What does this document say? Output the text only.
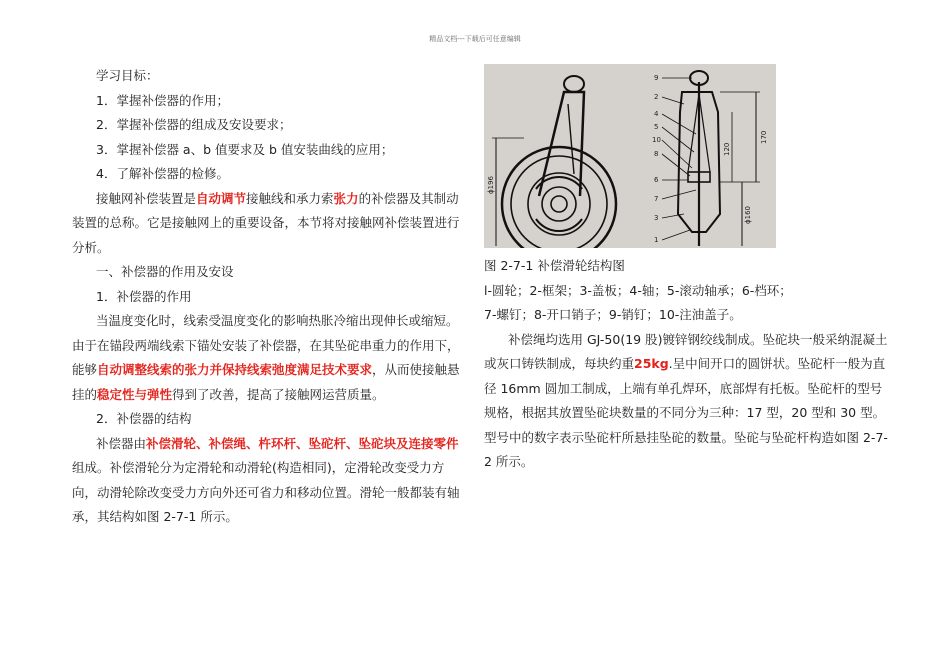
精品文档---下载后可任意编辑

学习目标：

1．掌握补偿器的作用；

2．掌握补偿器的组成及安设要求；

3．掌握补偿器 a、b 值要求及 b 值安装曲线的应用；

4．了解补偿器的检修。

接触网补偿装置是自动调节接触线和承力索张力的补偿器及其制动装置的总称。它是接触网上的重要设备，本节将对接触网补偿装置进行分析。

一、补偿器的作用及安设

1．补偿器的作用

当温度变化时，线索受温度变化的影响热胀冷缩出现伸长或缩短。由于在锚段两端线索下锚处安装了补偿器，在其坠砣串重力的作用下，能够自动调整线索的张力并保持线索弛度满足技术要求，从而使接触悬挂的稳定性与弹性得到了改善，提高了接触网运营质量。

2．补偿器的结构

补偿器由补偿滑轮、补偿绳、杵环杆、坠砣杆、坠砣块及连接零件组成。补偿滑轮分为定滑轮和动滑轮(构造相同)，定滑轮改变受力方向，动滑轮除改变受力方向外还可省力和移动位置。滑轮一般都装有轴承，其结构如图 2-7-1 所示。

9
2
4
5
10
8
6
7
3
1
ϕ196
170
120
ϕ160

图 2-7-1 补偿滑轮结构图

l-圆轮；2-框架；3-盖板；4-轴；5-滚动轴承；6-档环；

7-螺钉；8-开口销子；9-销钉；10-注油盖子。

补偿绳均选用 GJ-50(19 股)镀锌钢绞线制成。坠砣块一般采纳混凝土或灰口铸铁制成，每块约重25kg.呈中间开口的圆饼状。坠砣杆一般为直径 16mm 圆加工制成，上端有单孔焊环，底部焊有托板。坠砣杆的型号规格，根据其放置坠砣块数量的不同分为三种：17 型，20 型和 30 型。型号中的数字表示坠砣杆所悬挂坠砣的数量。坠砣与坠砣杆构造如图 2-7-2 所示。
